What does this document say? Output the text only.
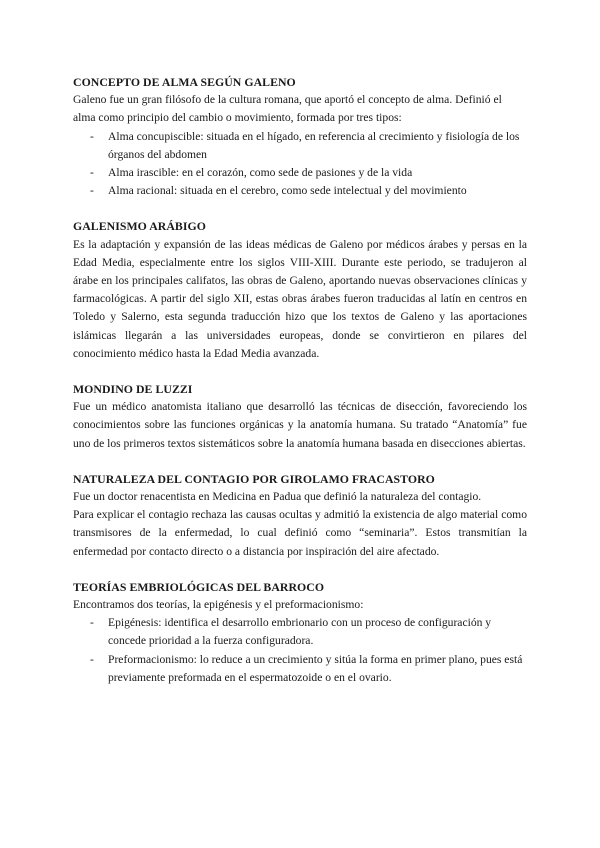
CONCEPTO DE ALMA SEGÚN GALENO

Galeno fue un gran filósofo de la cultura romana, que aportó el concepto de alma. Definió el alma como principio del cambio o movimiento, formada por tres tipos:

- Alma concupiscible: situada en el hígado, en referencia al crecimiento y fisiología de los órganos del abdomen
- Alma irascible: en el corazón, como sede de pasiones y de la vida
- Alma racional: situada en el cerebro, como sede intelectual y del movimiento
GALENISMO ARÁBIGO

Es la adaptación y expansión de las ideas médicas de Galeno por médicos árabes y persas en la Edad Media, especialmente entre los siglos VIII-XIII. Durante este periodo, se tradujeron al árabe en los principales califatos, las obras de Galeno, aportando nuevas observaciones clínicas y farmacológicas. A partir del siglo XII, estas obras árabes fueron traducidas al latín en centros en Toledo y Salerno, esta segunda traducción hizo que los textos de Galeno y las aportaciones islámicas llegarán a las universidades europeas, donde se convirtieron en pilares del conocimiento médico hasta la Edad Media avanzada.

MONDINO DE LUZZI

Fue un médico anatomista italiano que desarrolló las técnicas de disección, favoreciendo los conocimientos sobre las funciones orgánicas y la anatomía humana. Su tratado “Anatomía” fue uno de los primeros textos sistemáticos sobre la anatomía humana basada en disecciones abiertas.

NATURALEZA DEL CONTAGIO POR GIROLAMO FRACASTORO

Fue un doctor renacentista en Medicina en Padua que definió la naturaleza del contagio.

Para explicar el contagio rechaza las causas ocultas y admitió la existencia de algo material como transmisores de la enfermedad, lo cual definió como “seminaria”. Estos transmitían la enfermedad por contacto directo o a distancia por inspiración del aire afectado.

TEORÍAS EMBRIOLÓGICAS DEL BARROCO

Encontramos dos teorías, la epigénesis y el preformacionismo:

- Epigénesis: identifica el desarrollo embrionario con un proceso de configuración y concede prioridad a la fuerza configuradora.
- Preformacionismo: lo reduce a un crecimiento y sitúa la forma en primer plano, pues está previamente preformada en el espermatozoide o en el ovario.
